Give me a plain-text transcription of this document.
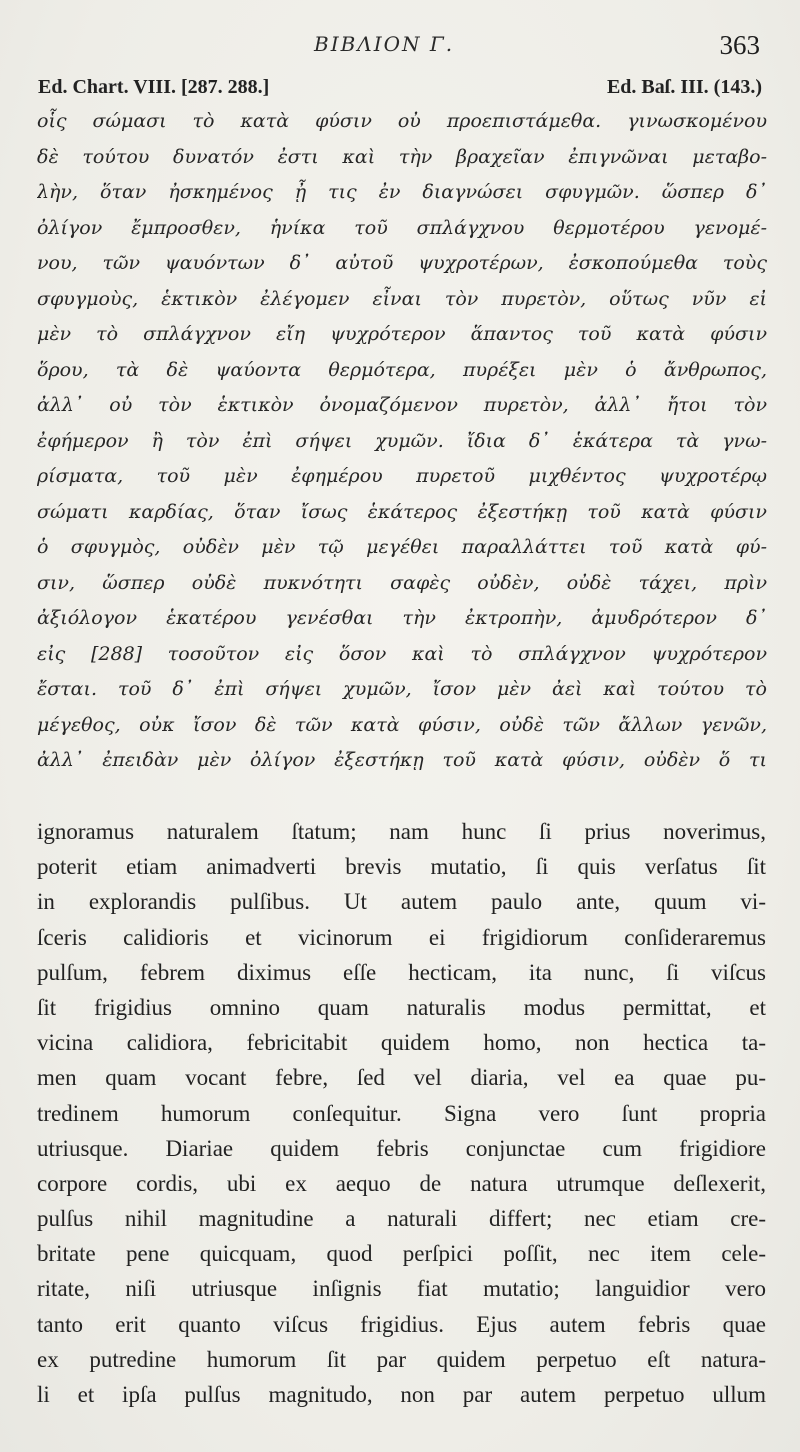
BIBΛΙΟΝ Γ.	363
Ed. Chart. VIII. [287. 288.]	Ed. Baſ. III. (143.)
οἷς σώμασι τὸ κατὰ φύσιν οὐ προεπιστάμεθα. γινωσκομένου
δὲ τούτου δυνατόν ἐστι καὶ τὴν βραχεῖαν ἐπιγνῶναι μεταβο-
λὴν, ὅταν ἠσκημένος ᾖ τις ἐν διαγνώσει σφυγμῶν. ὥσπερ δ᾽
ὀλίγον ἔμπροσθεν, ἡνίκα τοῦ σπλάγχνου θερμοτέρου γενομέ-
νου, τῶν ψαυόντων δ᾽ αὐτοῦ ψυχροτέρων, ἐσκοπούμεθα τοὺς
σφυγμοὺς, ἑκτικὸν ἐλέγομεν εἶναι τὸν πυρετὸν, οὕτως νῦν εἰ
μὲν τὸ σπλάγχνον εἴη ψυχρότερον ἅπαντος τοῦ κατὰ φύσιν
ὅρου, τὰ δὲ ψαύοντα θερμότερα, πυρέξει μὲν ὁ ἄνθρωπος,
ἀλλ᾽ οὐ τὸν ἑκτικὸν ὀνομαζόμενον πυρετὸν, ἀλλ᾽ ἤτοι τὸν
ἐφήμερον ἢ τὸν ἐπὶ σήψει χυμῶν. ἴδια δ᾽ ἑκάτερα τὰ γνω-
ρίσματα, τοῦ μὲν ἐφημέρου πυρετοῦ μιχθέντος ψυχροτέρῳ
σώματι καρδίας, ὅταν ἴσως ἑκάτερος ἐξεστήκῃ τοῦ κατὰ φύσιν
ὁ σφυγμὸς, οὐδὲν μὲν τῷ μεγέθει παραλλάττει τοῦ κατὰ φύ-
σιν, ὥσπερ οὐδὲ πυκνότητι σαφὲς οὐδὲν, οὐδὲ τάχει, πρὶν
ἀξιόλογον ἑκατέρου γενέσθαι τὴν ἐκτροπὴν, ἀμυδρότερον δ᾽
εἰς [288] τοσοῦτον εἰς ὅσον καὶ τὸ σπλάγχνον ψυχρότερον
ἔσται. τοῦ δ᾽ ἐπὶ σήψει χυμῶν, ἴσον μὲν ἀεὶ καὶ τούτου τὸ
μέγεθος, οὐκ ἴσον δὲ τῶν κατὰ φύσιν, οὐδὲ τῶν ἄλλων γενῶν,
ἀλλ᾽ ἐπειδὰν μὲν ὀλίγον ἐξεστήκῃ τοῦ κατὰ φύσιν, οὐδὲν ὅ τι
ignoramus naturalem ſtatum; nam hunc ſi prius noverimus,
poterit etiam animadverti brevis mutatio, ſi quis verſatus ſit
in explorandis pulſibus. Ut autem paulo ante, quum vi-
ſceris calidioris et vicinorum ei frigidiorum conſideraremus
pulſum, febrem diximus eſſe hecticam, ita nunc, ſi viſcus
ſit frigidius omnino quam naturalis modus permittat, et
vicina calidiora, febricitabit quidem homo, non hectica ta-
men quam vocant febre, ſed vel diaria, vel ea quae pu-
tredinem humorum conſequitur. Signa vero ſunt propria
utriusque. Diariae quidem febris conjunctae cum frigidiore
corpore cordis, ubi ex aequo de natura utrumque deſlexerit,
pulſus nihil magnitudine a naturali differt; nec etiam cre-
britate pene quicquam, quod perſpici poſſit, nec item cele-
ritate, niſi utriusque inſignis fiat mutatio; languidior vero
tanto erit quanto viſcus frigidius. Ejus autem febris quae
ex putredine humorum ſit par quidem perpetuo eſt natura-
li et ipſa pulſus magnitudo, non par autem perpetuo ullum
